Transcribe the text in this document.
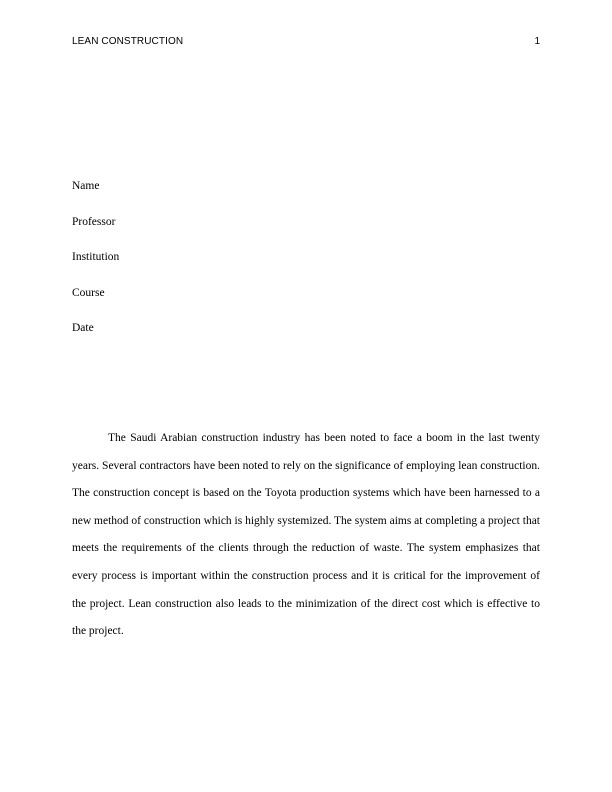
LEAN CONSTRUCTION	1
Name
Professor
Institution
Course
Date

The Saudi Arabian construction industry has been noted to face a boom in the last twenty years. Several contractors have been noted to rely on the significance of employing lean construction. The construction concept is based on the Toyota production systems which have been harnessed to a new method of construction which is highly systemized. The system aims at completing a project that meets the requirements of the clients through the reduction of waste. The system emphasizes that every process is important within the construction process and it is critical for the improvement of the project. Lean construction also leads to the minimization of the direct cost which is effective to the project.
